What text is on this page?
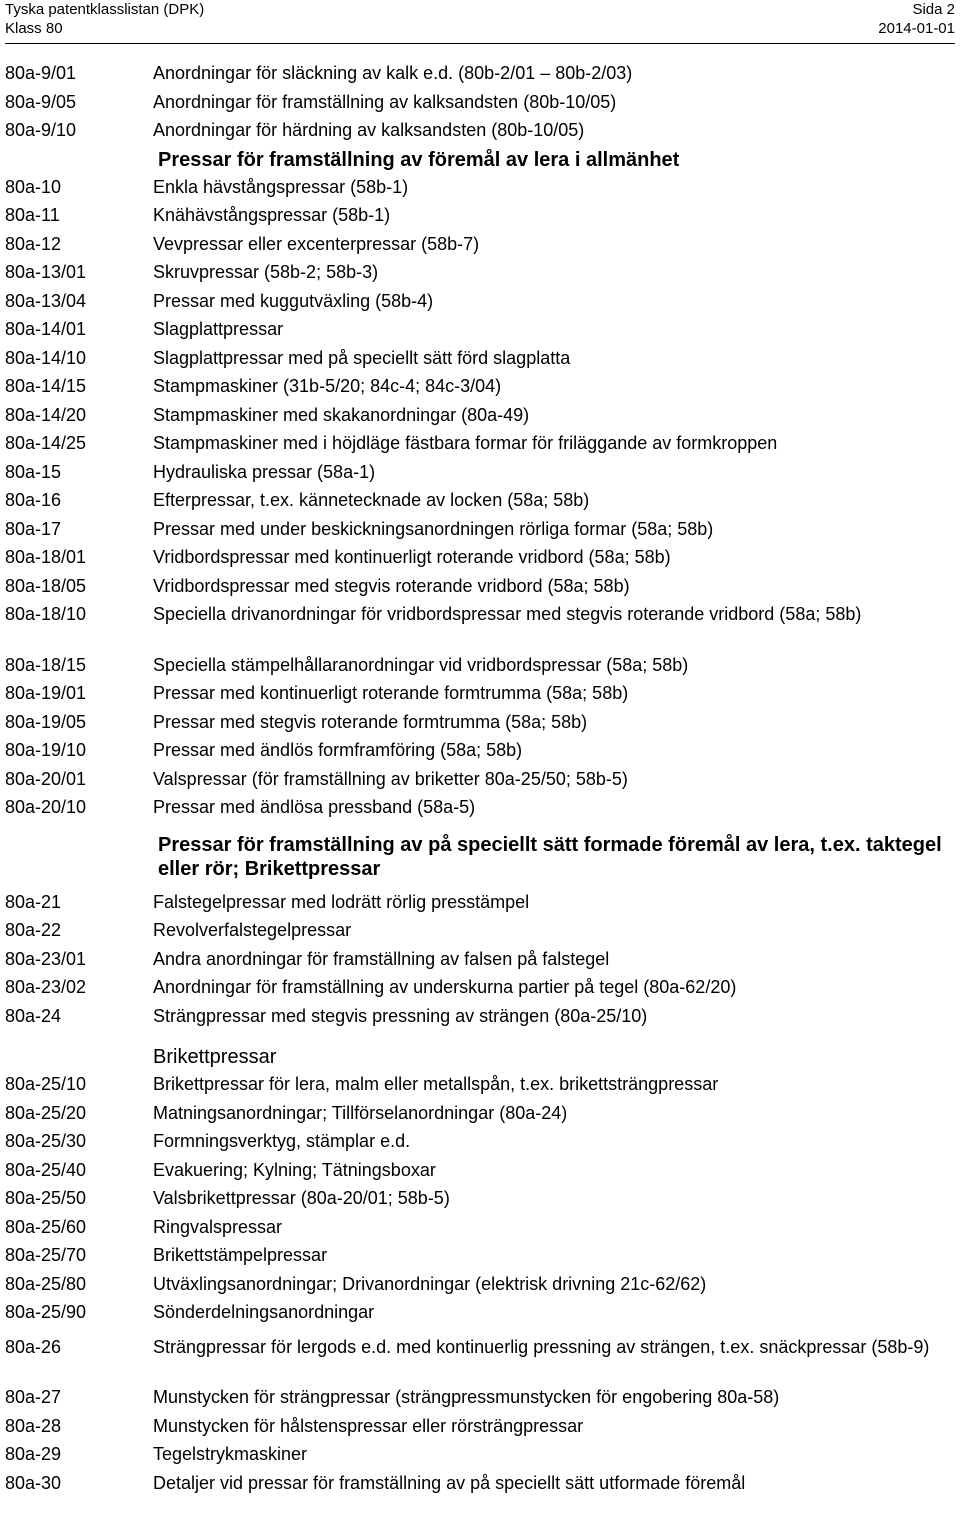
Tyska patentklasslistan (DPK)
Klass 80
Sida 2
2014-01-01
80a-9/01	Anordningar för släckning av kalk e.d. (80b-2/01 – 80b-2/03)
80a-9/05	Anordningar för framställning av kalksandsten (80b-10/05)
80a-9/10	Anordningar för härdning av kalksandsten (80b-10/05)
Pressar för framställning av föremål av lera i allmänhet
80a-10	Enkla hävstångspressar (58b-1)
80a-11	Knähävstångspressar (58b-1)
80a-12	Vevpressar eller excenterpressar (58b-7)
80a-13/01	Skruvpressar (58b-2; 58b-3)
80a-13/04	Pressar med kuggutväxling (58b-4)
80a-14/01	Slagplattpressar
80a-14/10	Slagplattpressar med på speciellt sätt förd slagplatta
80a-14/15	Stampmaskiner (31b-5/20; 84c-4; 84c-3/04)
80a-14/20	Stampmaskiner med skakanordningar (80a-49)
80a-14/25	Stampmaskiner med i höjdläge fästbara formar för friläggande av formkroppen
80a-15	Hydrauliska pressar (58a-1)
80a-16	Efterpressar, t.ex. kännetecknade av locken (58a; 58b)
80a-17	Pressar med under beskickningsanordningen rörliga formar (58a; 58b)
80a-18/01	Vridbordspressar med kontinuerligt roterande vridbord (58a; 58b)
80a-18/05	Vridbordspressar med stegvis roterande vridbord (58a; 58b)
80a-18/10	Speciella drivanordningar för vridbordspressar med stegvis roterande vridbord (58a; 58b)
80a-18/15	Speciella stämpelhållaranordningar vid vridbordspressar (58a; 58b)
80a-19/01	Pressar med kontinuerligt roterande formtrumma (58a; 58b)
80a-19/05	Pressar med stegvis roterande formtrumma (58a; 58b)
80a-19/10	Pressar med ändlös formframföring (58a; 58b)
80a-20/01	Valspressar (för framställning av briketter 80a-25/50; 58b-5)
80a-20/10	Pressar med ändlösa pressband (58a-5)
Pressar för framställning av på speciellt sätt formade föremål av lera, t.ex. taktegel eller rör; Brikettpressar
80a-21	Falstegelpressar med lodrätt rörlig presstämpel
80a-22	Revolverfalstegelpressar
80a-23/01	Andra anordningar för framställning av falsen på falstegel
80a-23/02	Anordningar för framställning av underskurna partier på tegel (80a-62/20)
80a-24	Strängpressar med stegvis pressning av strängen (80a-25/10)
Brikettpressar
80a-25/10	Brikettpressar för lera, malm eller metallspån, t.ex. brikettsträngpressar
80a-25/20	Matningsanordningar; Tillförselanordningar (80a-24)
80a-25/30	Formningsverktyg, stämplar e.d.
80a-25/40	Evakuering; Kylning; Tätningsboxar
80a-25/50	Valsbrikettpressar (80a-20/01; 58b-5)
80a-25/60	Ringvalspressar
80a-25/70	Brikettstämpelpressar
80a-25/80	Utväxlingsanordningar; Drivanordningar (elektrisk drivning 21c-62/62)
80a-25/90	Sönderdelningsanordningar
80a-26	Strängpressar för lergods e.d. med kontinuerlig pressning av strängen, t.ex. snäckpressar (58b-9)
80a-27	Munstycken för strängpressar (strängpressmunstycken för engobering 80a-58)
80a-28	Munstycken för hålstenspressar eller rörsträngpressar
80a-29	Tegelstrykmaskiner
80a-30	Detaljer vid pressar för framställning av på speciellt sätt utformade föremål
